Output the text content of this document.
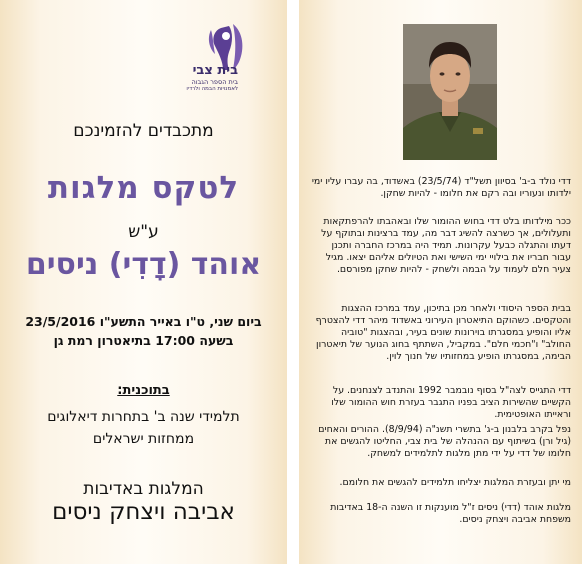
בית צבי
בית הספר הגבוה
לאמנויות הבמה ולרדיו
מתכבדים להזמינכם
לטקס מלגות
ע"ש
אוהד (דָדִי) ניסים
ביום שני, ט"ו באייר התשע"ו 23/5/2016
בשעה 17:00 בתיאטרון רמת גן
בתוכנית:
תלמידי שנה ב' בתחרות דיאלוגים
ממחזות ישראלים
המלגות באדיבות
אביבה ויצחק ניסים

דדי נולד ב-ב' בסיוון תשל"ד (23/5/74) באשדוד, בה עברו עליו ימי ילדותו ונעוריו ובה רקם את חלומו - להיות שחקן.

ככר מילדותו בלט דדי בחוש ההומור שלו ובאהבתו להרפתקאות ותעלולים, אך כשרצה להשיג דבר מה, עמד ברצינות ובתוקף על דעתו והתגלה כבעל עקרונות. תמיד היה במרכז החברה ותכנן עבור חבריו את בילויי ימי השישי ואת הטיולים אליהם יצאו. מגיל צעיר חלם לעמוד על הבמה ולשחק - להיות שחקן מפורסם.

בבית הספר היסודי ולאחר מכן בתיכון, עמד במרכז ההצגות והטקסים. כשהוקם התיאטרון העירוני באשדוד מיהר דדי להצטרף אליו והופיע במסגרתו בוירונות שונים בעיר, ובהצגות "טוביה החולב" ו"חכמי חלם". במקביל, השתתף בחוג הנוער של תיאטרון הבימה, במסגרתו הופיע במחזותיו של חנוך לוין.

דדי התגייס לצה"ל בסוף נובמבר 1992 והתנדב לצנחנים. על הקשיים שהשירות הציב בפניו התגבר בעזרת חוש ההומור שלו וראייתו האופטימית.

נפל בקרב בלבנון ב-ג' בתשרי תשנ"ה (8/9/94). ההורים והאחים (גיל ורן) בשיתוף עם ההנהלה של בית צבי, החליטו להגשים את חלומו של דדי על ידי מתן מלגות לתלמידים למשחק.

מי יתן ובעזרת המלגות יצליחו תלמידים להגשים את חלומם.

מלגות אוהד (דדי) ניסים ז"ל מוענקות זו השנה ה-18 באדיבות משפחת אביבה ויצחק ניסים.
